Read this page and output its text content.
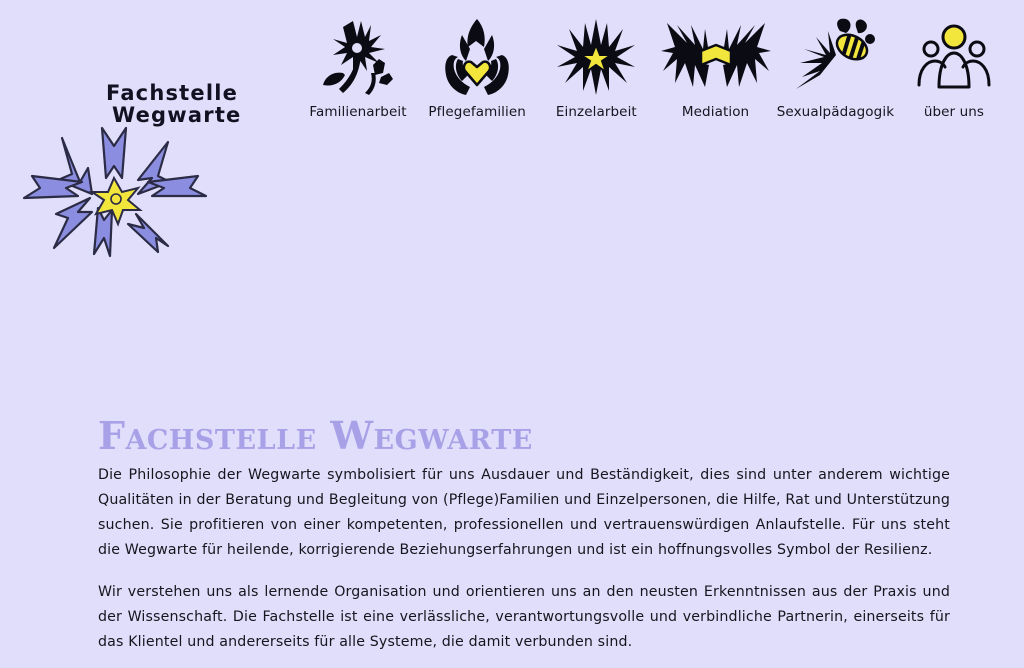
Fachstelle
Wegwarte	Familienarbeit	Pflegefamilien	Einzelarbeit	Mediation	Sexualpädagogik	über uns
Fachstelle Wegwarte

Die Philosophie der Wegwarte symbolisiert für uns Ausdauer und Beständigkeit, dies sind unter anderem wichtige Qualitäten in der Beratung und Begleitung von (Pflege)Familien und Einzelpersonen, die Hilfe, Rat und Unterstützung suchen. Sie profitieren von einer kompetenten, professionellen und vertrauenswürdigen Anlaufstelle. Für uns steht die Wegwarte für heilende, korrigierende Beziehungserfahrungen und ist ein hoffnungsvolles Symbol der Resilienz.

Wir verstehen uns als lernende Organisation und orientieren uns an den neusten Erkenntnissen aus der Praxis und der Wissenschaft. Die Fachstelle ist eine verlässliche, verantwortungsvolle und verbindliche Partnerin, einerseits für das Klientel und andererseits für alle Systeme, die damit verbunden sind.
